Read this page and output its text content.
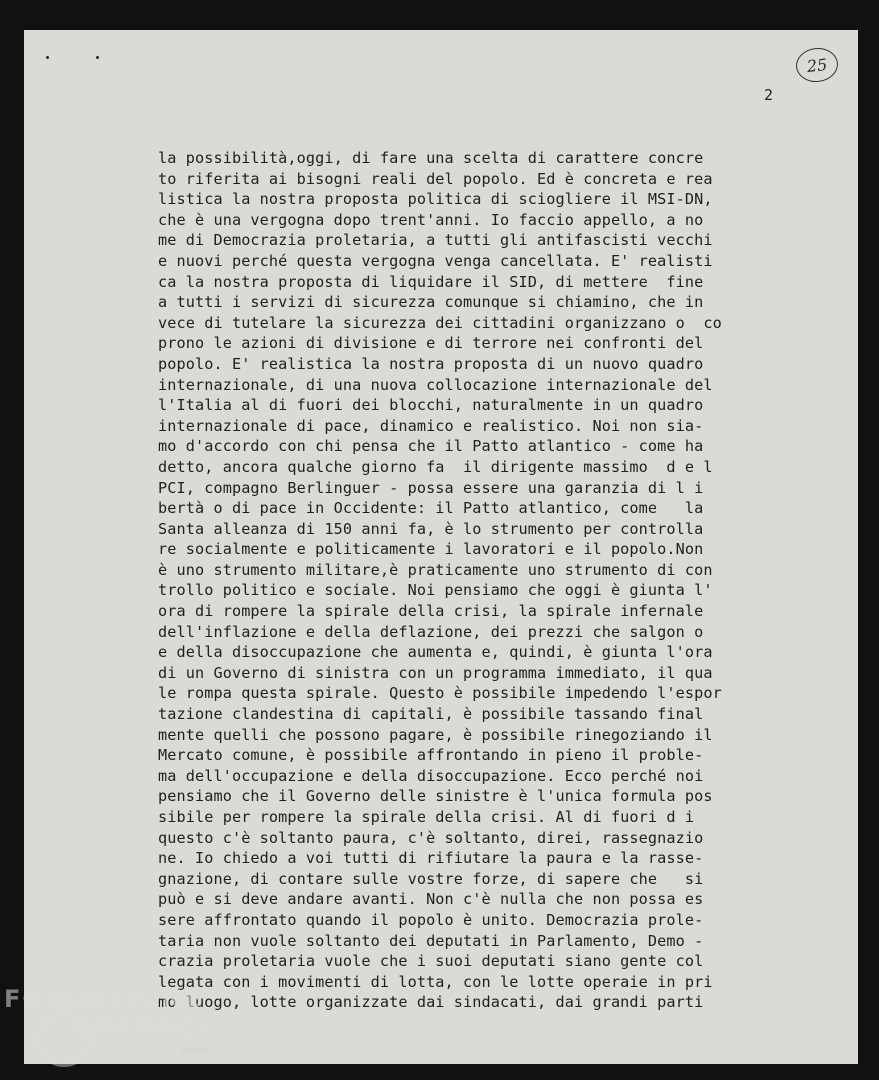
25
2
la possibilità,oggi, di fare una scelta di carattere concre
to riferita ai bisogni reali del popolo. Ed è concreta e rea
listica la nostra proposta politica di sciogliere il MSI-DN,
che è una vergogna dopo trent'anni. Io faccio appello, a no
me di Democrazia proletaria, a tutti gli antifascisti vecchi
e nuovi perché questa vergogna venga cancellata. E' realisti
ca la nostra proposta di liquidare il SID, di mettere  fine
a tutti i servizi di sicurezza comunque si chiamino, che in
vece di tutelare la sicurezza dei cittadini organizzano o  co
prono le azioni di divisione e di terrore nei confronti del
popolo. E' realistica la nostra proposta di un nuovo quadro
internazionale, di una nuova collocazione internazionale del
l'Italia al di fuori dei blocchi, naturalmente in un quadro
internazionale di pace, dinamico e realistico. Noi non sia-
mo d'accordo con chi pensa che il Patto atlantico - come ha
detto, ancora qualche giorno fa  il dirigente massimo  d e l
PCI, compagno Berlinguer - possa essere una garanzia di l i
bertà o di pace in Occidente: il Patto atlantico, come   la
Santa alleanza di 150 anni fa, è lo strumento per controlla
re socialmente e politicamente i lavoratori e il popolo.Non
è uno strumento militare,è praticamente uno strumento di con
trollo politico e sociale. Noi pensiamo che oggi è giunta l'
ora di rompere la spirale della crisi, la spirale infernale
dell'inflazione e della deflazione, dei prezzi che salgon o
e della disoccupazione che aumenta e, quindi, è giunta l'ora
di un Governo di sinistra con un programma immediato, il qua
le rompa questa spirale. Questo è possibile impedendo l'espor
tazione clandestina di capitali, è possibile tassando final
mente quelli che possono pagare, è possibile rinegoziando il
Mercato comune, è possibile affrontando in pieno il proble-
ma dell'occupazione e della disoccupazione. Ecco perché noi
pensiamo che il Governo delle sinistre è l'unica formula pos
sibile per rompere la spirale della crisi. Al di fuori d i
questo c'è soltanto paura, c'è soltanto, direi, rassegnazio
ne. Io chiedo a voi tutti di rifiutare la paura e la rasse-
gnazione, di contare sulle vostre forze, di sapere che   si
può e si deve andare avanti. Non c'è nulla che non possa es
sere affrontato quando il popolo è unito. Democrazia prole-
taria non vuole soltanto dei deputati in Parlamento, Demo -
crazia proletaria vuole che i suoi deputati siano gente col
legata con i movimenti di lotta, con le lotte operaie in pri
mo luogo, lotte organizzate dai sindacati, dai grandi parti
FONDAZIONE
GRAMSCI
onlus
